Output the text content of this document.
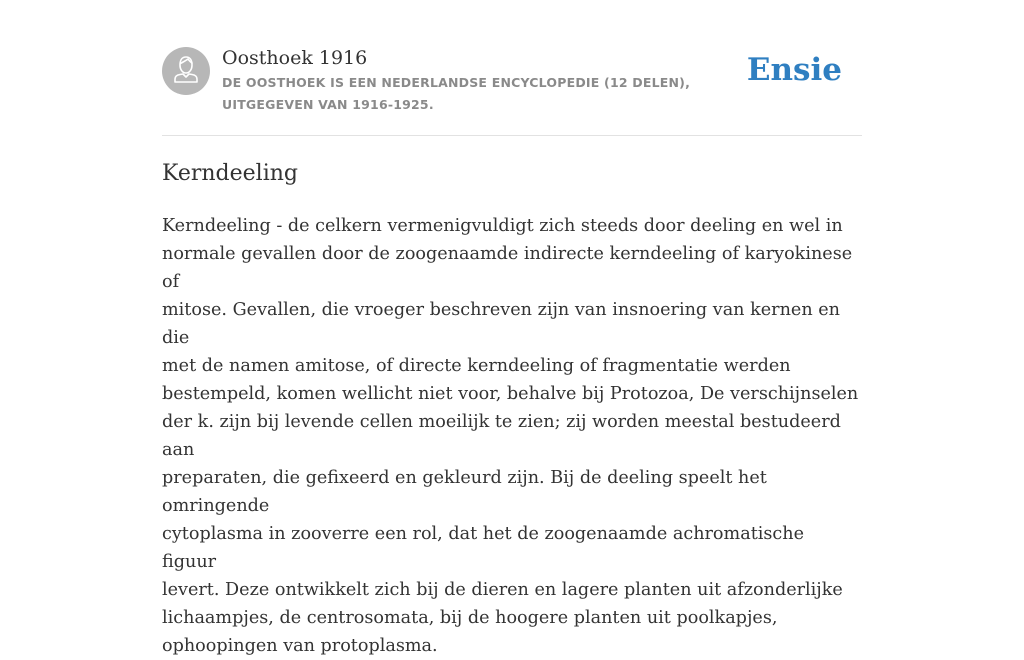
Oosthoek 1916
DE OOSTHOEK IS EEN NEDERLANDSE ENCYCLOPEDIE (12 DELEN), UITGEGEVEN VAN 1916-1925.
Ensie
Kerndeeling
Kerndeeling - de celkern vermenigvuldigt zich steeds door deeling en wel in
normale gevallen door de zoogenaamde indirecte kerndeeling of karyokinese of
mitose. Gevallen, die vroeger beschreven zijn van insnoering van kernen en die
met de namen amitose, of directe kerndeeling of fragmentatie werden
bestempeld, komen wellicht niet voor, behalve bij Protozoa, De verschijnselen
der k. zijn bij levende cellen moeilijk te zien; zij worden meestal bestudeerd aan
preparaten, die gefixeerd en gekleurd zijn. Bij de deeling speelt het omringende
cytoplasma in zooverre een rol, dat het de zoogenaamde achromatische figuur
levert. Deze ontwikkelt zich bij de dieren en lagere planten uit afzonderlijke
lichaampjes, de centrosomata, bij de hoogere planten uit poolkapjes,
ophoopingen van protoplasma.
